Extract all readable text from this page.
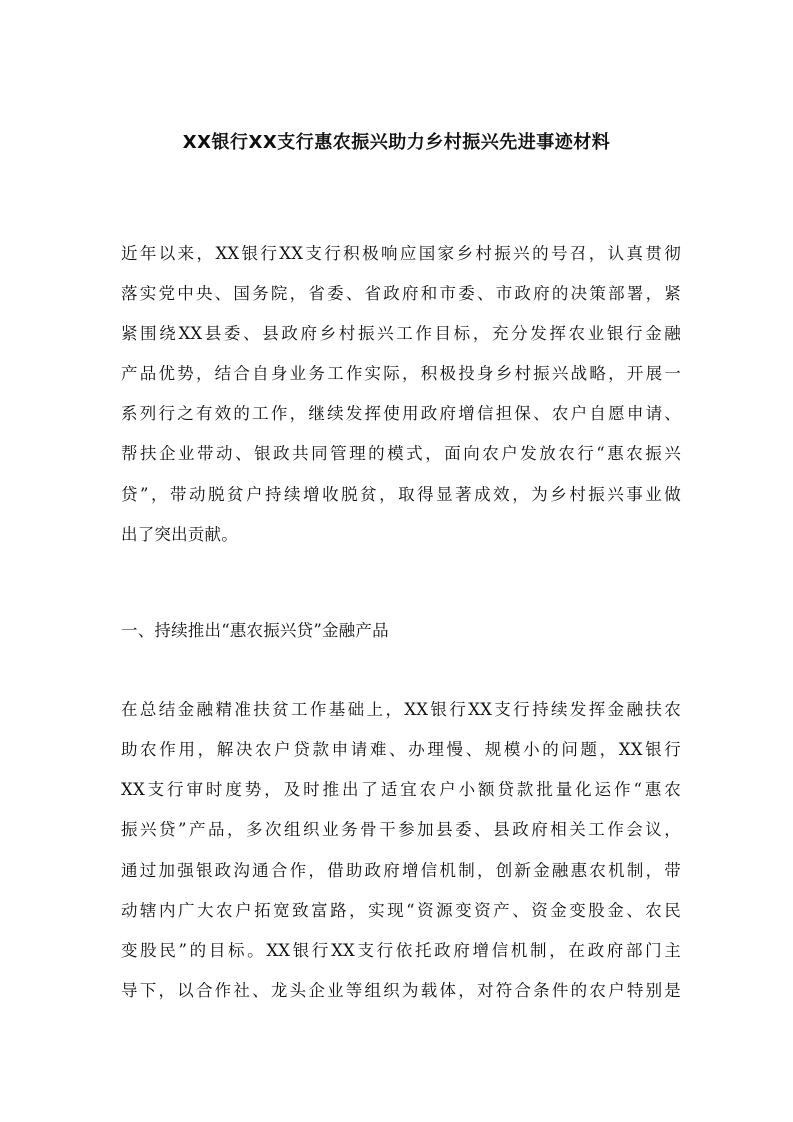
XX银行XX支行惠农振兴助力乡村振兴先进事迹材料
近年以来，XX银行XX支行积极响应国家乡村振兴的号召，认真贯彻
落实党中央、国务院，省委、省政府和市委、市政府的决策部署，紧
紧围绕XX县委、县政府乡村振兴工作目标，充分发挥农业银行金融
产品优势，结合自身业务工作实际，积极投身乡村振兴战略，开展一
系列行之有效的工作，继续发挥使用政府增信担保、农户自愿申请、
帮扶企业带动、银政共同管理的模式，面向农户发放农行“惠农振兴
贷”，带动脱贫户持续增收脱贫，取得显著成效，为乡村振兴事业做
出了突出贡献。
一、持续推出“惠农振兴贷”金融产品
在总结金融精准扶贫工作基础上，XX银行XX支行持续发挥金融扶农
助农作用，解决农户贷款申请难、办理慢、规模小的问题，XX银行
XX支行审时度势，及时推出了适宜农户小额贷款批量化运作“惠农
振兴贷”产品，多次组织业务骨干参加县委、县政府相关工作会议，
通过加强银政沟通合作，借助政府增信机制，创新金融惠农机制，带
动辖内广大农户拓宽致富路，实现“资源变资产、资金变股金、农民
变股民”的目标。XX银行XX支行依托政府增信机制，在政府部门主
导下，以合作社、龙头企业等组织为载体，对符合条件的农户特别是
